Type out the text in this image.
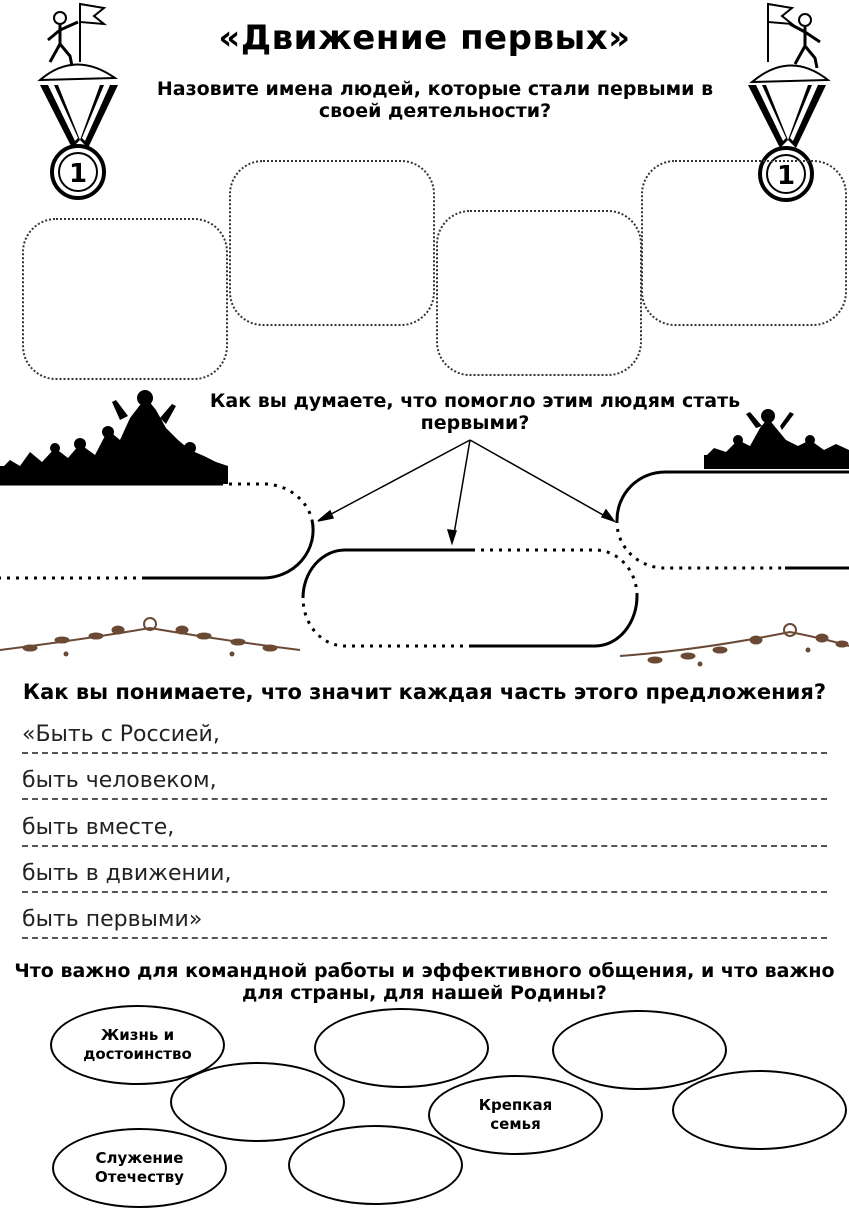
1	1
«Движение первых»
Назовите имена людей, которые стали первыми в своей деятельности?
Как вы думаете, что помогло этим людям стать первыми?
Как вы понимаете, что значит каждая часть этого предложения?
«Быть с Россией,
быть человеком,
быть вместе,
быть в движении,
быть первыми»
Что важно для командной работы и эффективного общения, и что важно для страны, для нашей Родины?
Жизнь и достоинство
Крепкая семья
Служение Отечеству
